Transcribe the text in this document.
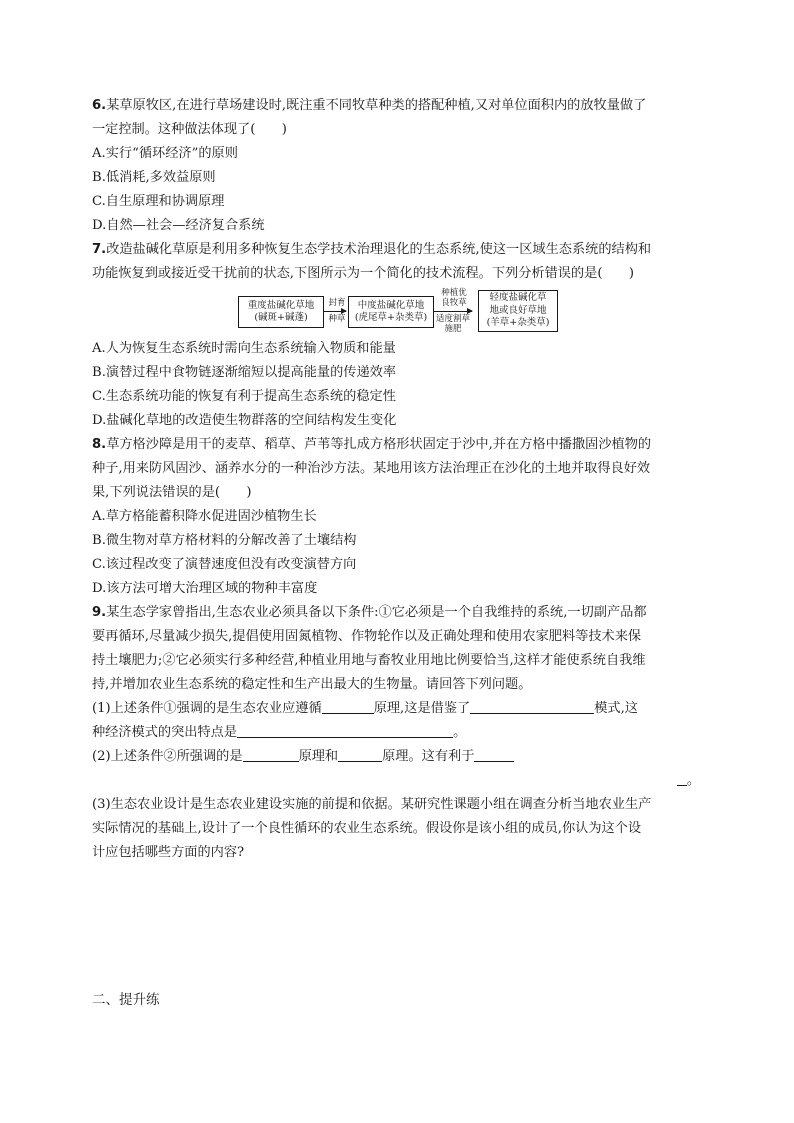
6.某草原牧区,在进行草场建设时,既注重不同牧草种类的搭配种植,又对单位面积内的放牧量做了
一定控制。这种做法体现了(　　)
A.实行“循环经济”的原则
B.低消耗,多效益原则
C.自生原理和协调原理
D.自然—社会—经济复合系统
7.改造盐碱化草原是利用多种恢复生态学技术治理退化的生态系统,使这一区域生态系统的结构和
功能恢复到或接近受干扰前的状态,下图所示为一个简化的技术流程。下列分析错误的是(　　)
重度盐碱化草地
(碱斑+碱蓬)
封育
种草
中度盐碱化草地
(虎尾草+杂类草)
种植优
良牧草
适度割草
施肥
轻度盐碱化草
地或良好草地
(羊草+杂类草)
A.人为恢复生态系统时需向生态系统输入物质和能量
B.演替过程中食物链逐渐缩短以提高能量的传递效率
C.生态系统功能的恢复有利于提高生态系统的稳定性
D.盐碱化草地的改造使生物群落的空间结构发生变化
8.草方格沙障是用干的麦草、稻草、芦苇等扎成方格形状固定于沙中,并在方格中播撒固沙植物的
种子,用来防风固沙、涵养水分的一种治沙方法。某地用该方法治理正在沙化的土地并取得良好效
果,下列说法错误的是(　　)
A.草方格能蓄积降水促进固沙植物生长
B.微生物对草方格材料的分解改善了土壤结构
C.该过程改变了演替速度但没有改变演替方向
D.该方法可增大治理区域的物种丰富度
9.某生态学家曾指出,生态农业必须具备以下条件:①它必须是一个自我维持的系统,一切副产品都
要再循环,尽量减少损失,提倡使用固氮植物、作物轮作以及正确处理和使用农家肥料等技术来保
持土壤肥力;②它必须实行多种经营,种植业用地与畜牧业用地比例要恰当,这样才能使系统自我维
持,并增加农业生态系统的稳定性和生产出最大的生物量。请回答下列问题。
(1)上述条件①强调的是生态农业应遵循	原理,这是借鉴了	模式,这
种经济模式的突出特点是	。
(2)上述条件②所强调的是	原理和	原理。这有利于
。
(3)生态农业设计是生态农业建设实施的前提和依据。某研究性课题小组在调查分析当地农业生产
实际情况的基础上,设计了一个良性循环的农业生态系统。假设你是该小组的成员,你认为这个设
计应包括哪些方面的内容?
二、提升练
